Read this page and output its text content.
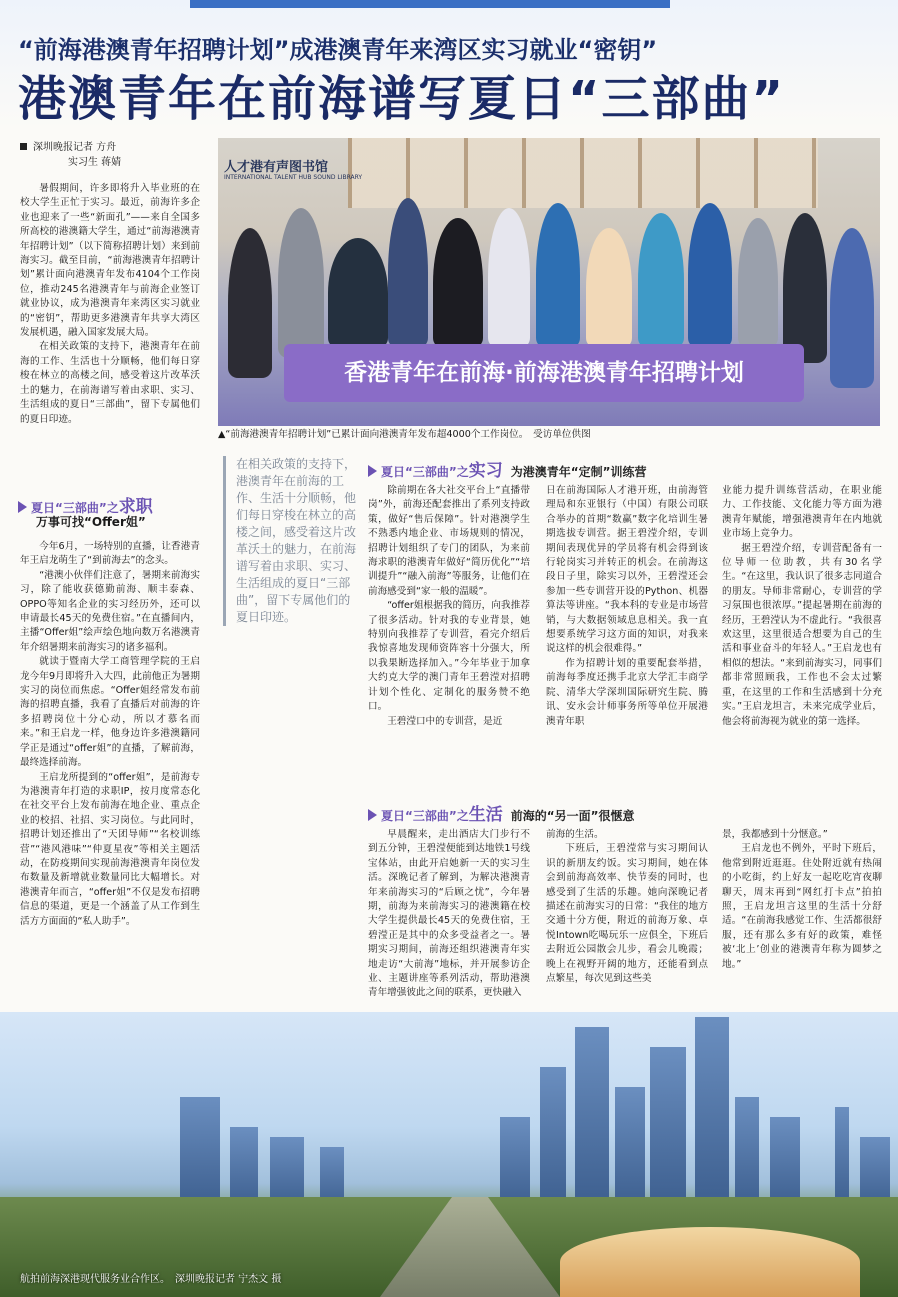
“前海港澳青年招聘计划”成港澳青年来湾区实习就业“密钥”
港澳青年在前海谱写夏日“三部曲”
深圳晚报记者 方舟
实习生 蒋婧

暑假期间，许多即将升入毕业班的在校大学生正忙于实习。最近，前海许多企业也迎来了一些“新面孔”——来自全国多所高校的港澳籍大学生，通过“前海港澳青年招聘计划”（以下简称招聘计划）来到前海实习。截至目前，“前海港澳青年招聘计划”累计面向港澳青年发布4104个工作岗位，推动245名港澳青年与前海企业签订就业协议，成为港澳青年来湾区实习就业的“密钥”，帮助更多港澳青年共享大湾区发展机遇，融入国家发展大局。

在相关政策的支持下，港澳青年在前海的工作、生活也十分顺畅，他们每日穿梭在林立的高楼之间，感受着这片改革沃土的魅力，在前海谱写着由求职、实习、生活组成的夏日“三部曲”，留下专属他们的夏日印迹。

人才港有声图书馆
INTERNATIONAL TALENT HUB SOUND LIBRARY
香港青年在前海·前海港澳青年招聘计划
▲“前海港澳青年招聘计划”已累计面向港澳青年发布超4000个工作岗位。　受访单位供图
夏日“三部曲”之求职
万事可找“Offer姐”

今年6月，一场特别的直播，让香港青年王启龙萌生了“到前海去”的念头。

“港澳小伙伴们注意了，暑期来前海实习，除了能收获德勤前海、顺丰泰森、OPPO等知名企业的实习经历外，还可以申请最长45天的免费住宿。”在直播间内，主播“Offer姐”绘声绘色地向数万名港澳青年介绍暑期来前海实习的诸多福利。

就读于暨南大学工商管理学院的王启龙今年9月即将升入大四，此前他正为暑期实习的岗位而焦虑。“Offer姐经常发布前海的招聘直播，我看了直播后对前海的许多招聘岗位十分心动，所以才慕名而来。”和王启龙一样，他身边许多港澳籍同学正是通过“offer姐”的直播，了解前海，最终选择前海。

王启龙所提到的“offer姐”，是前海专为港澳青年打造的求职IP，按月度常态化在社交平台上发布前海在地企业、重点企业的校招、社招、实习岗位。与此同时，招聘计划还推出了“天团导师”“名校训练营”“港风港味”“仲夏星夜”等相关主题活动，在防疫期间实现前海港澳青年岗位发布数量及新增就业数量同比大幅增长。对港澳青年而言，“offer姐”不仅是发布招聘信息的渠道，更是一个涵盖了从工作到生活方方面面的“私人助手”。

在相关政策的支持下，港澳青年在前海的工作、生活十分顺畅，他们每日穿梭在林立的高楼之间，感受着这片改革沃土的魅力，在前海谱写着由求职、实习、生活组成的夏日“三部曲”，留下专属他们的夏日印迹。
夏日“三部曲”之实习 为港澳青年“定制”训练营

除前期在各大社交平台上“直播带岗”外，前海还配套推出了系列支持政策，做好“售后保障”。针对港澳学生不熟悉内地企业、市场规则的情况，招聘计划组织了专门的团队，为来前海求职的港澳青年做好“简历优化”“培训提升”“融入前海”等服务，让他们在前海感受到“家一般的温暖”。

“offer姐根据我的简历，向我推荐了很多活动。针对我的专业背景，她特别向我推荐了专训营，看完介绍后我惊喜地发现师资阵容十分强大，所以我果断选择加入。”今年毕业于加拿大约克大学的澳门青年王碧滢对招聘计划个性化、定制化的服务赞不绝口。

王碧滢口中的专训营，是近

日在前海国际人才港开班，由前海管理局和东亚银行（中国）有限公司联合举办的首期“数赢”数字化培训生暑期选拔专训营。据王碧滢介绍，专训期间表现优异的学员将有机会得到该行轮岗实习并转正的机会。在前海这段日子里，除实习以外，王碧滢还会参加一些专训营开设的Python、机器算法等讲座。“我本科的专业是市场营销，与大数据领域息息相关。我一直想要系统学习这方面的知识，对我来说这样的机会很难得。”

作为招聘计划的重要配套举措，前海每季度还携手北京大学汇丰商学院、清华大学深圳国际研究生院、腾讯、安永会计师事务所等单位开展港澳青年职

业能力提升训练营活动，在职业能力、工作技能、文化能力等方面为港澳青年赋能，增强港澳青年在内地就业市场上竞争力。

据王碧滢介绍，专训营配备有一位导师一位助教，共有30名学生。“在这里，我认识了很多志同道合的朋友。导师非常耐心，专训营的学习氛围也很浓厚。”提起暑期在前海的经历，王碧滢认为不虚此行。“我很喜欢这里，这里很适合想要为自己的生活和事业奋斗的年轻人。”王启龙也有相似的想法。“来到前海实习，同事们都非常照顾我，工作也不会太过繁重，在这里的工作和生活感到十分充实。”王启龙坦言，未来完成学业后，他会将前海视为就业的第一选择。

夏日“三部曲”之生活 前海的“另一面”很惬意

早晨醒来，走出酒店大门步行不到五分钟，王碧滢便能到达地铁1号线宝体站，由此开启她新一天的实习生活。深晚记者了解到，为解决港澳青年来前海实习的“后顾之忧”，今年暑期，前海为来前海实习的港澳籍在校大学生提供最长45天的免费住宿，王碧滢正是其中的众多受益者之一。暑期实习期间，前海还组织港澳青年实地走访“大前海”地标，并开展参访企业、主题讲座等系列活动，帮助港澳青年增强彼此之间的联系，更快融入

前海的生活。

下班后，王碧滢常与实习期间认识的新朋友约饭。实习期间，她在体会到前海高效率、快节奏的同时，也感受到了生活的乐趣。她向深晚记者描述在前海实习的日常：“我住的地方交通十分方便，附近的前海万象、卓悦Intown吃喝玩乐一应俱全，下班后去附近公园散会儿步，看会儿晚霞；晚上在视野开阔的地方，还能看到点点繁星，每次见到这些美

景，我都感到十分惬意。”

王启龙也不例外，平时下班后，他常到附近逛逛。住处附近就有热闹的小吃街，约上好友一起吃吃宵夜聊聊天，周末再到“网红打卡点”拍拍照，王启龙坦言这里的生活十分舒适。“在前海我感觉工作、生活都很舒服，还有那么多有好的政策，难怪被‘北上’创业的港澳青年称为圆梦之地。”

航拍前海深港现代服务业合作区。　深圳晚报记者 宁杰文 摄
